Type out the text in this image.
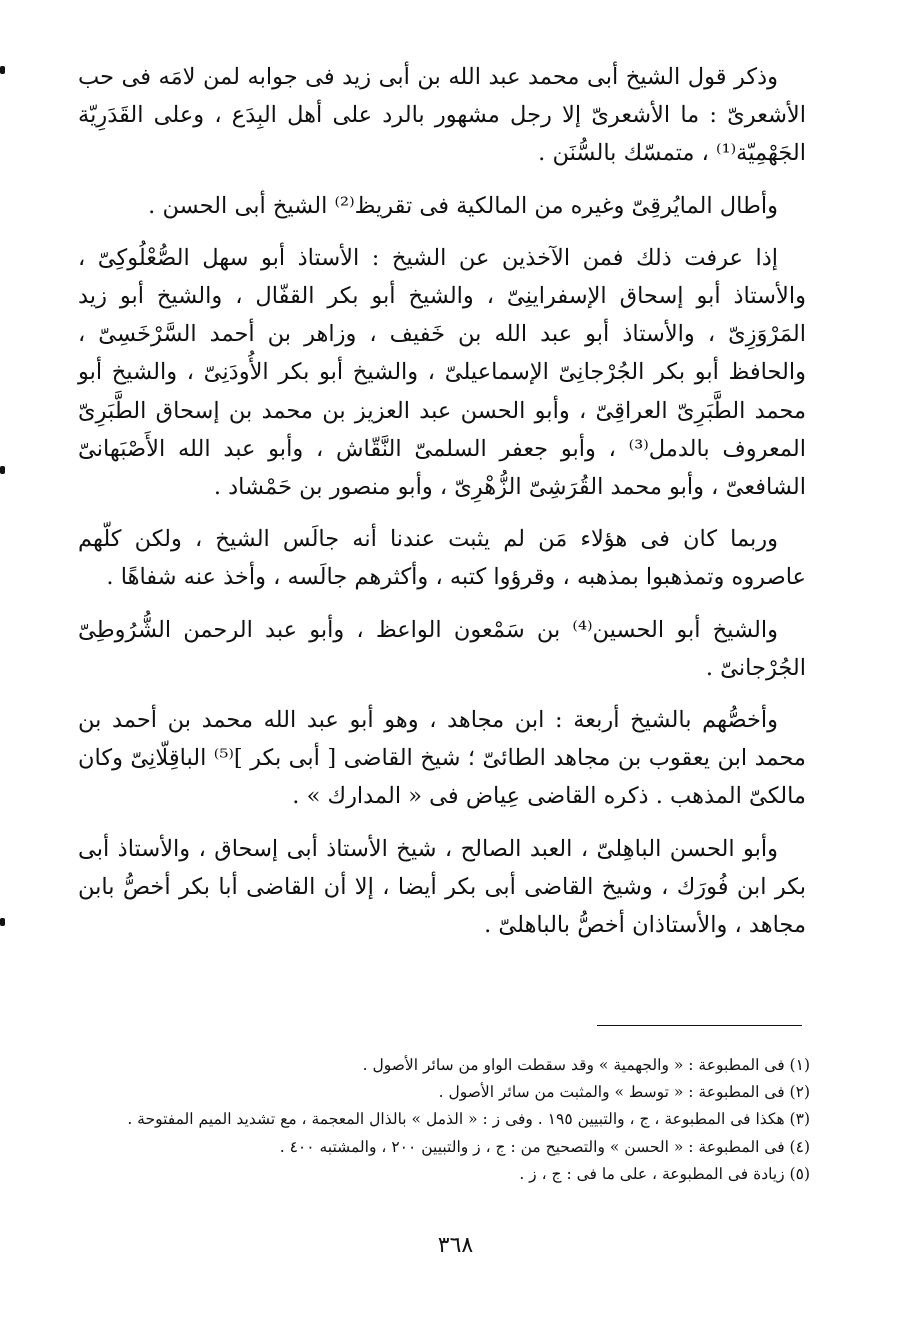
وذكر قول الشيخ أبى محمد عبد الله بن أبى زيد فى جوابه لمن لامَه فى حب الأشعرىّ : ما الأشعرىّ إلا رجل مشهور بالرد على أهل البِدَع ، وعلى القَدَرِيّة الجَهْمِيّة⁽¹⁾ ، متمسّك بالسُّنَن .

وأطال المايُرقِىّ وغيره من المالكية فى تقريظ⁽²⁾ الشيخ أبى الحسن .

إذا عرفت ذلك فمن الآخذين عن الشيخ : الأستاذ أبو سهل الصُّعْلُوكِىّ ، والأستاذ أبو إسحاق الإسفراينِىّ ، والشيخ أبو بكر القفّال ، والشيخ أبو زيد المَرْوَزِىّ ، والأستاذ أبو عبد الله بن خَفيف ، وزاهر بن أحمد السَّرْخَسِىّ ، والحافظ أبو بكر الجُرْجانِىّ الإسماعيلىّ ، والشيخ أبو بكر الأُودَنِىّ ، والشيخ أبو محمد الطَّبَرِىّ العراقِىّ ، وأبو الحسن عبد العزيز بن محمد بن إسحاق الطَّبَرِىّ المعروف بالدمل⁽³⁾ ، وأبو جعفر السلمىّ النَّقّاش ، وأبو عبد الله الأَصْبَهانىّ الشافعىّ ، وأبو محمد القُرَشِىّ الزُّهْرِىّ ، وأبو منصور بن حَمْشاد .

وربما كان فى هؤلاء مَن لم يثبت عندنا أنه جالَس الشيخ ، ولكن كلّهم عاصروه وتمذهبوا بمذهبه ، وقرؤوا كتبه ، وأكثرهم جالَسه ، وأخذ عنه شفاهًا .

والشيخ أبو الحسين⁽⁴⁾ بن سَمْعون الواعظ ، وأبو عبد الرحمن الشُّرُوطِىّ الجُرْجانىّ .

وأخصُّهم بالشيخ أربعة : ابن مجاهد ، وهو أبو عبد الله محمد بن أحمد بن محمد ابن يعقوب بن مجاهد الطائىّ ؛ شيخ القاضى [ أبى بكر ]⁽⁵⁾ الباقِلّانِىّ وكان مالكىّ المذهب . ذكره القاضى عِياض فى « المدارك » .

وأبو الحسن الباهِلىّ ، العبد الصالح ، شيخ الأستاذ أبى إسحاق ، والأستاذ أبى بكر ابن فُورَك ، وشيخ القاضى أبى بكر أيضا ، إلا أن القاضى أبا بكر أخصُّ بابن مجاهد ، والأستاذان أخصُّ بالباهلىّ .

(١) فى المطبوعة : « والجهمية » وقد سقطت الواو من سائر الأصول .

(٢) فى المطبوعة : « توسط » والمثبت من سائر الأصول .

(٣) هكذا فى المطبوعة ، ج ، والتبيين ١٩٥ . وفى ز : « الذمل » بالذال المعجمة ، مع تشديد الميم المفتوحة .

(٤) فى المطبوعة : « الحسن » والتصحيح من : ج ، ز والتبيين ٢٠٠ ، والمشتبه ٤٠٠ .

(٥) زيادة فى المطبوعة ، على ما فى : ج ، ز .

٣٦٨
